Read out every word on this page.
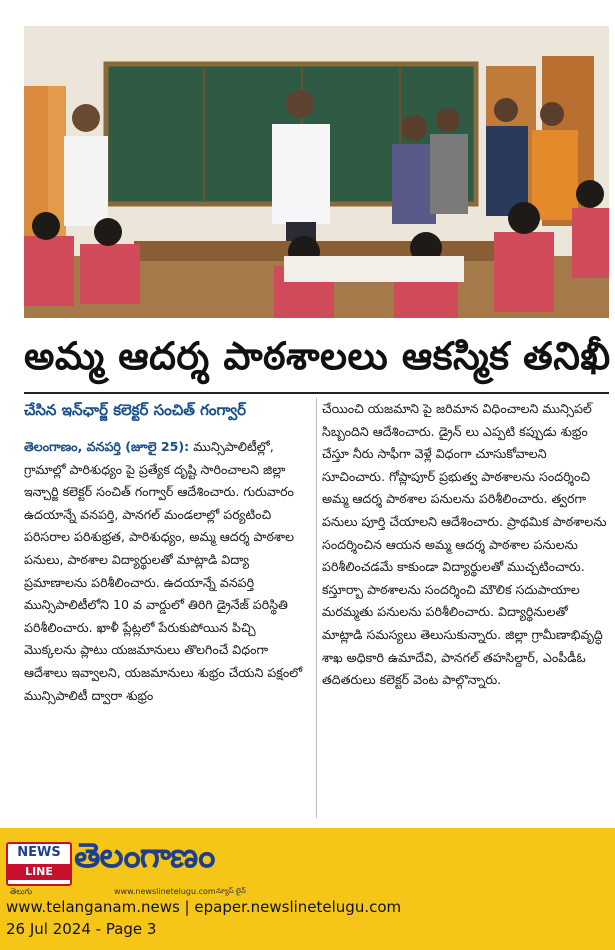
అమ్మ ఆదర్శ పాఠశాలలు ఆకస్మిక తనిఖీ
చేసిన ఇన్‌ఛార్జ్ కలెక్టర్ సంచిత్ గంగ్వార్

తెలంగాణం, వనపర్తి (జూలై 25): మున్సిపాలిటీల్లో, గ్రామాల్లో పారిశుధ్యం పై ప్రత్యేక దృష్టి సారించాలని జిల్లా ఇన్చార్జి కలెక్టర్ సంచిత్ గంగ్వార్ ఆదేశించారు. గురువారం ఉదయాన్నే వనపర్తి, పానగల్ మండలాల్లో పర్యటించి పరిసరాల పరిశుభ్రత, పారిశుధ్యం, అమ్మ ఆదర్శ పాఠశాల పనులు, పాఠశాల విద్యార్థులతో మాట్లాడి విద్యా ప్రమాణాలను పరిశీలించారు. ఉదయాన్నే వనపర్తి మున్సిపాలిటీలోని 10 వ వార్డులో తిరిగి డ్రైనేజ్ పరిస్థితి పరిశీలించారు. ఖాళీ ప్లేట్లలో పేరుకుపోయిన పిచ్చి మొక్కలను ప్లాటు యజమానులు తొలగించే విధంగా ఆదేశాలు ఇవ్వాలని, యజమానులు శుభ్రం చేయని పక్షంలో మున్సిపాలిటీ ద్వారా శుభ్రం

చేయించి యజమాని పై జరిమాన విధించాలని మున్సిపల్ సిబ్బందిని ఆదేశించారు. డ్రైన్ లు ఎప్పటి కప్పుడు శుభ్రం చేస్తూ నీరు సాఫీగా వెళ్లే విధంగా చూసుకోవాలని సూచించారు. గోప్లాపూర్ ప్రభుత్వ పాఠశాలను సందర్శించి అమ్మ ఆదర్శ పాఠశాల పనులను పరిశీలించారు. త్వరగా పనులు పూర్తి చేయాలని ఆదేశించారు. ప్రాథమిక పాఠశాలను సందర్శించిన ఆయన అమ్మ ఆదర్శ పాఠశాల పనులను పరిశీలించడమే కాకుండా విద్యార్థులతో ముచ్చటించారు. కస్తూర్బా పాఠశాలను సందర్శించి మౌలిక సదుపాయాల మరమ్మతు పనులను పరిశీలించారు. విద్యార్థినులతో మాట్లాడి సమస్యలు తెలుసుకున్నారు. జిల్లా గ్రామీణాభివృద్ధి శాఖ అధికారి ఉమాదేవి, పానగల్ తహసిల్దార్, ఎంపీడీఓ తదితరులు కలెక్టర్ వెంట పాల్గొన్నారు.

NEWS
LINE తెలంగాణం
తెలుగు	www.newslinetelugu.com న్యూస్ లైన్
www.telanganam.news | epaper.newslinetelugu.com
26 Jul 2024 - Page 3
